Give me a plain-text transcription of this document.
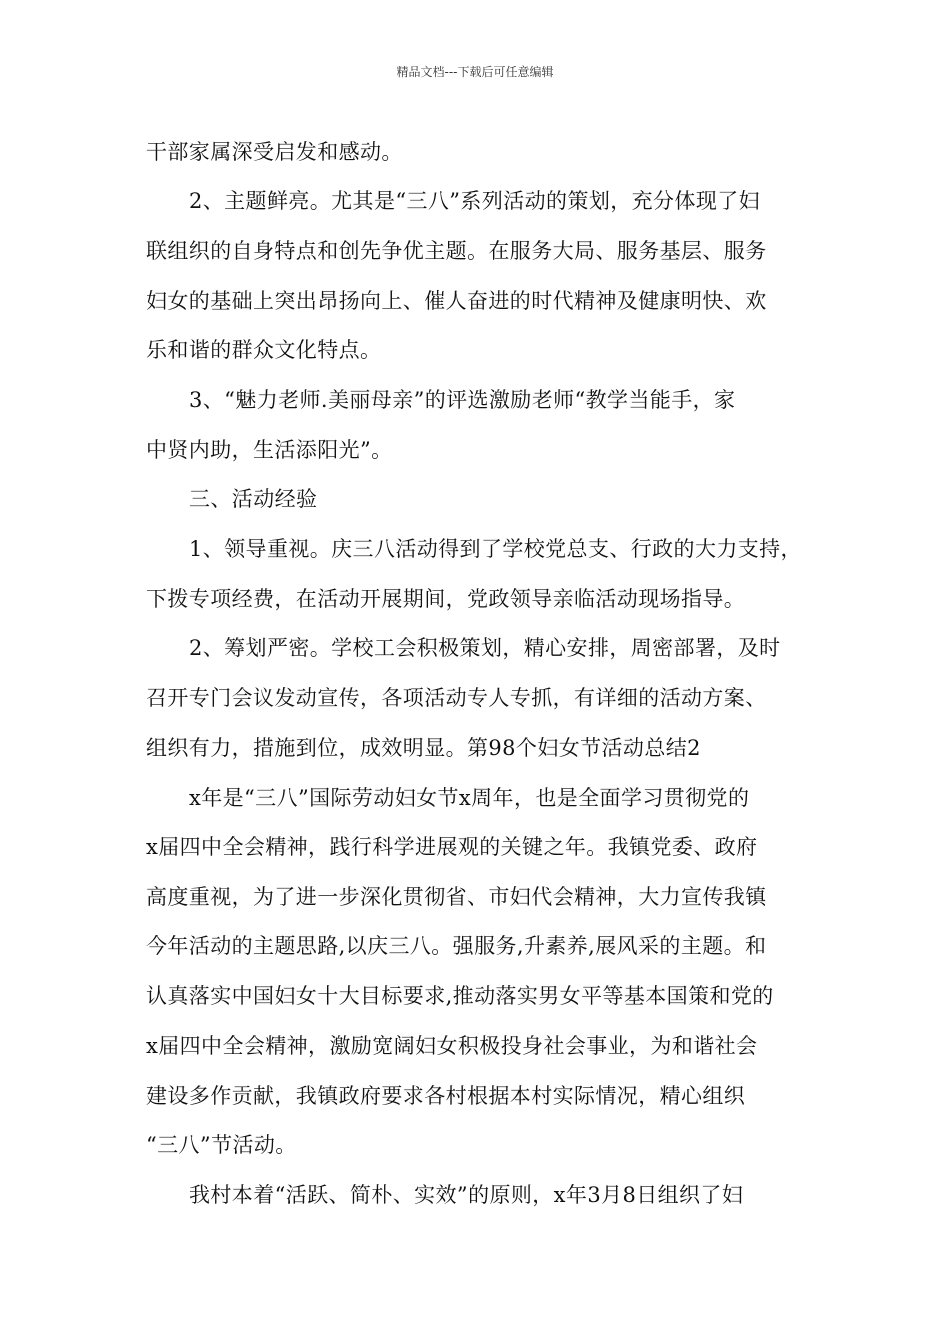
精品文档---下载后可任意编辑
干部家属深受启发和感动。
2、主题鲜亮。尤其是“三八”系列活动的策划，充分体现了妇
联组织的自身特点和创先争优主题。在服务大局、服务基层、服务
妇女的基础上突出昂扬向上、催人奋进的时代精神及健康明快、欢
乐和谐的群众文化特点。
3、“魅力老师.美丽母亲”的评选激励老师“教学当能手，家
中贤内助，生活添阳光”。
三、活动经验
1、领导重视。庆三八活动得到了学校党总支、行政的大力支持，
下拨专项经费，在活动开展期间，党政领导亲临活动现场指导。
2、筹划严密。学校工会积极策划，精心安排，周密部署，及时
召开专门会议发动宣传，各项活动专人专抓，有详细的活动方案、
组织有力，措施到位，成效明显。第98个妇女节活动总结2
x年是“三八”国际劳动妇女节x周年，也是全面学习贯彻党的
x届四中全会精神，践行科学进展观的关键之年。我镇党委、政府
高度重视，为了进一步深化贯彻省、市妇代会精神，大力宣传我镇
今年活动的主题思路,以庆三八。强服务,升素养,展风采的主题。和
认真落实中国妇女十大目标要求,推动落实男女平等基本国策和党的
x届四中全会精神，激励宽阔妇女积极投身社会事业，为和谐社会
建设多作贡献，我镇政府要求各村根据本村实际情况，精心组织
“三八”节活动。
我村本着“活跃、简朴、实效”的原则，x年3月8日组织了妇
